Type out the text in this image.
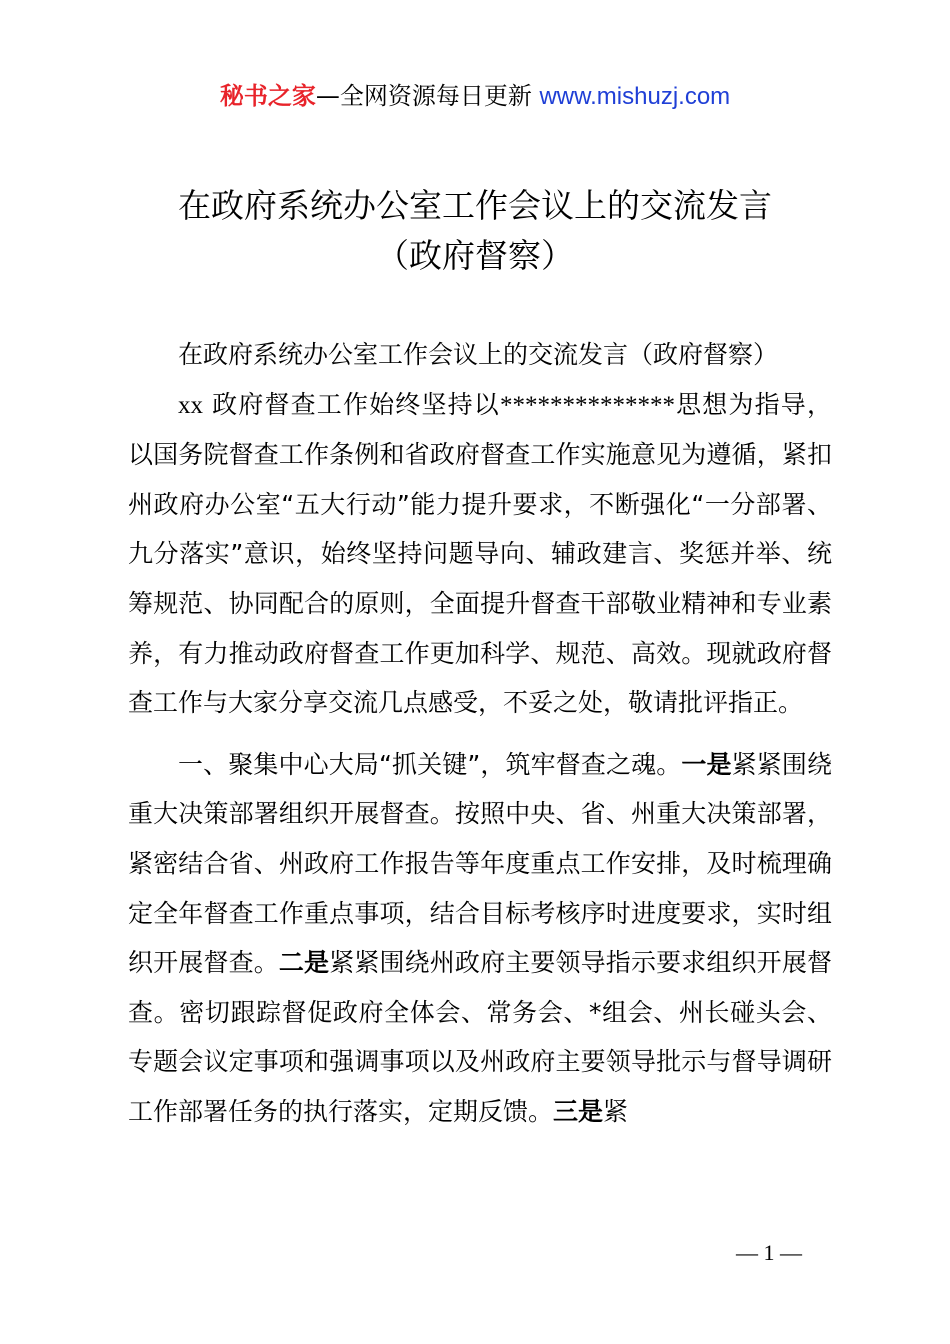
秘书之家—全网资源每日更新 www.mishuzj.com
在政府系统办公室工作会议上的交流发言
（政府督察）

在政府系统办公室工作会议上的交流发言（政府督察）

xx 政府督查工作始终坚持以**************思想为指导，以国务院督查工作条例和省政府督查工作实施意见为遵循，紧扣州政府办公室“五大行动”能力提升要求，不断强化“一分部署、九分落实”意识，始终坚持问题导向、辅政建言、奖惩并举、统筹规范、协同配合的原则，全面提升督查干部敬业精神和专业素养，有力推动政府督查工作更加科学、规范、高效。现就政府督查工作与大家分享交流几点感受，不妥之处，敬请批评指正。

一、聚集中心大局“抓关键”，筑牢督查之魂。一是紧紧围绕重大决策部署组织开展督查。按照中央、省、州重大决策部署，紧密结合省、州政府工作报告等年度重点工作安排，及时梳理确定全年督查工作重点事项，结合目标考核序时进度要求，实时组织开展督查。二是紧紧围绕州政府主要领导指示要求组织开展督查。密切跟踪督促政府全体会、常务会、*组会、州长碰头会、专题会议定事项和强调事项以及州政府主要领导批示与督导调研工作部署任务的执行落实，定期反馈。三是紧

— 1 —
